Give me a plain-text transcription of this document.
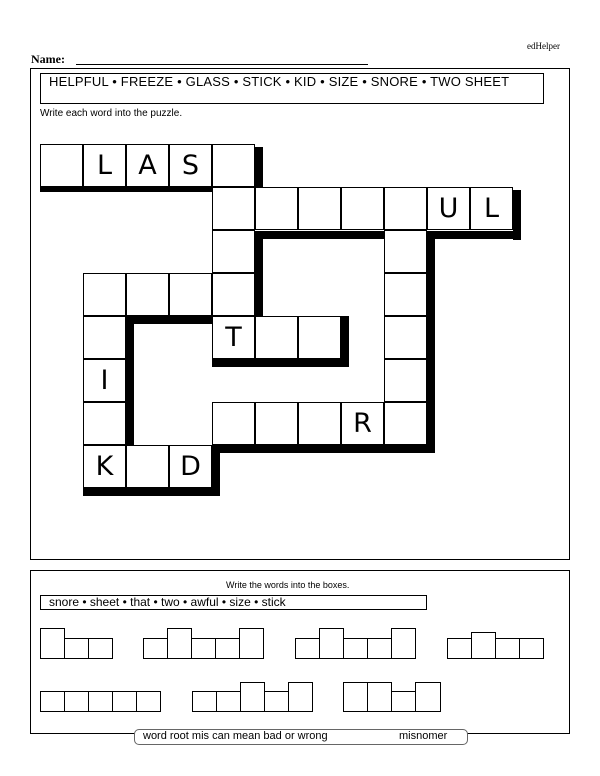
edHelper
Name:
HELPFUL • FREEZE • GLASS • STICK • KID • SIZE • SNORE • TWO SHEET
Write each word into the puzzle.
L A S
U L
T
I
R
K	D
Write the words into the boxes.
snore • sheet • that • two • awful • size • stick
word root mis can mean bad or wrong	misnomer
